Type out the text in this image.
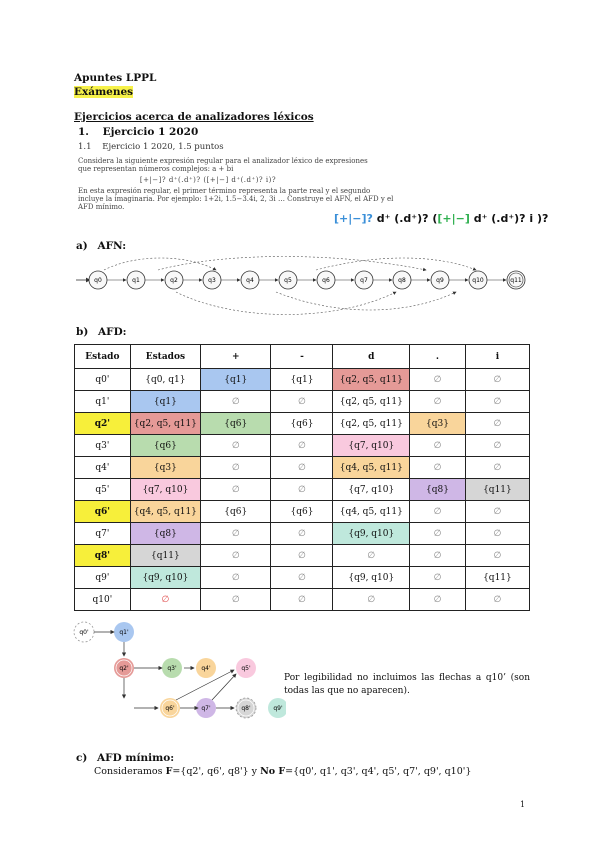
Apuntes LPPL
Exámenes
Ejercicios acerca de analizadores léxicos
1. Ejercicio 1 2020
1.1 Ejercicio 1 2020, 1.5 puntos
Considera la siguiente expresión regular para el analizador léxico de expresiones
que representan números complejos: a + bi
[+|−]? d⁺(.d⁺)? ([+|−] d⁺(.d⁺)? i)?
En esta expresión regular, el primer término representa la parte real y el segundo
incluye la imaginaria. Por ejemplo: 1+2i, 1.5−3.4i, 2, 3i … Construye el AFN, el AFD y el
AFD mínimo.
[+|−]? d⁺ (.d⁺)? ([+|−] d⁺ (.d⁺)? i )?
a) AFN:
q0	q1	q2	q3	q4	q5	q6	q7	q8	q9	q10	q11
b) AFD:
Estado	Estados	+	-	d	.	i
q0'	{q0, q1}	{q1}	{q1}	{q2, q5, q11}	∅	∅
q1'	{q1}	∅	∅	{q2, q5, q11}	∅	∅
q2'	{q2, q5, q11}	{q6}	{q6}	{q2, q5, q11}	{q3}	∅
q3'	{q6}	∅	∅	{q7, q10}	∅	∅
q4'	{q3}	∅	∅	{q4, q5, q11}	∅	∅
q5'	{q7, q10}	∅	∅	{q7, q10}	{q8}	{q11}
q6'	{q4, q5, q11}	{q6}	{q6}	{q4, q5, q11}	∅	∅
q7'	{q8}	∅	∅	{q9, q10}	∅	∅
q8'	{q11}	∅	∅	∅	∅	∅
q9'	{q9, q10}	∅	∅	{q9, q10}	∅	{q11}
q10'	∅	∅	∅	∅	∅	∅
q0'	q1'
q2'	q3'	q4'	q5'
q6'	q7'	q8'	q9'
Por legibilidad no incluimos las flechas a q10’ (son todas las que no aparecen).
c) AFD mínimo:
Consideramos F={q2', q6', q8'} y No F={q0', q1', q3', q4', q5', q7', q9', q10'}
1
